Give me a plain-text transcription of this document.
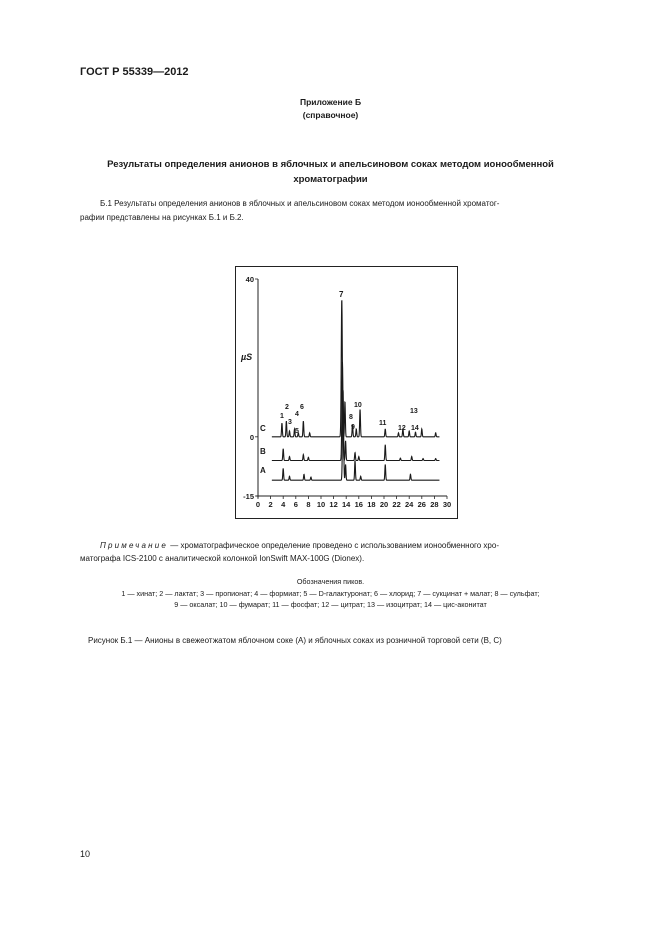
ГОСТ Р 55339—2012
Приложение Б
(справочное)
Результаты определения анионов в яблочных и апельсиновом соках методом ионообменной
хроматографии
Б.1 Результаты определения анионов в яблочных и апельсиновом соках методом ионообменной хроматог-
рафии представлены на рисунках Б.1 и Б.2.
0 2 4 6 8 10 12 14 16 18 20 22 24 26 28 30
40
0
-15
µS
C
B
A
1
2
3
4
5
6
7
8
9
10
11
12
13
14
Примечание — хроматографическое определение проведено с использованием ионообменного хро-
матографа ICS-2100 с аналитической колонкой IonSwift MAX-100G (Dionex).
Обозначения пиков.
1 — хинат; 2 — лактат; 3 — пропионат; 4 — формиат; 5 — D-галактуронат; 6 — хлорид; 7 — сукцинат + малат; 8 — сульфат;
9 — оксалат; 10 — фумарат; 11 — фосфат; 12 — цитрат; 13 — изоцитрат; 14 — цис-аконитат
Рисунок Б.1 — Анионы в свежеотжатом яблочном соке (А) и яблочных соках из розничной торговой сети (В, С)
10
